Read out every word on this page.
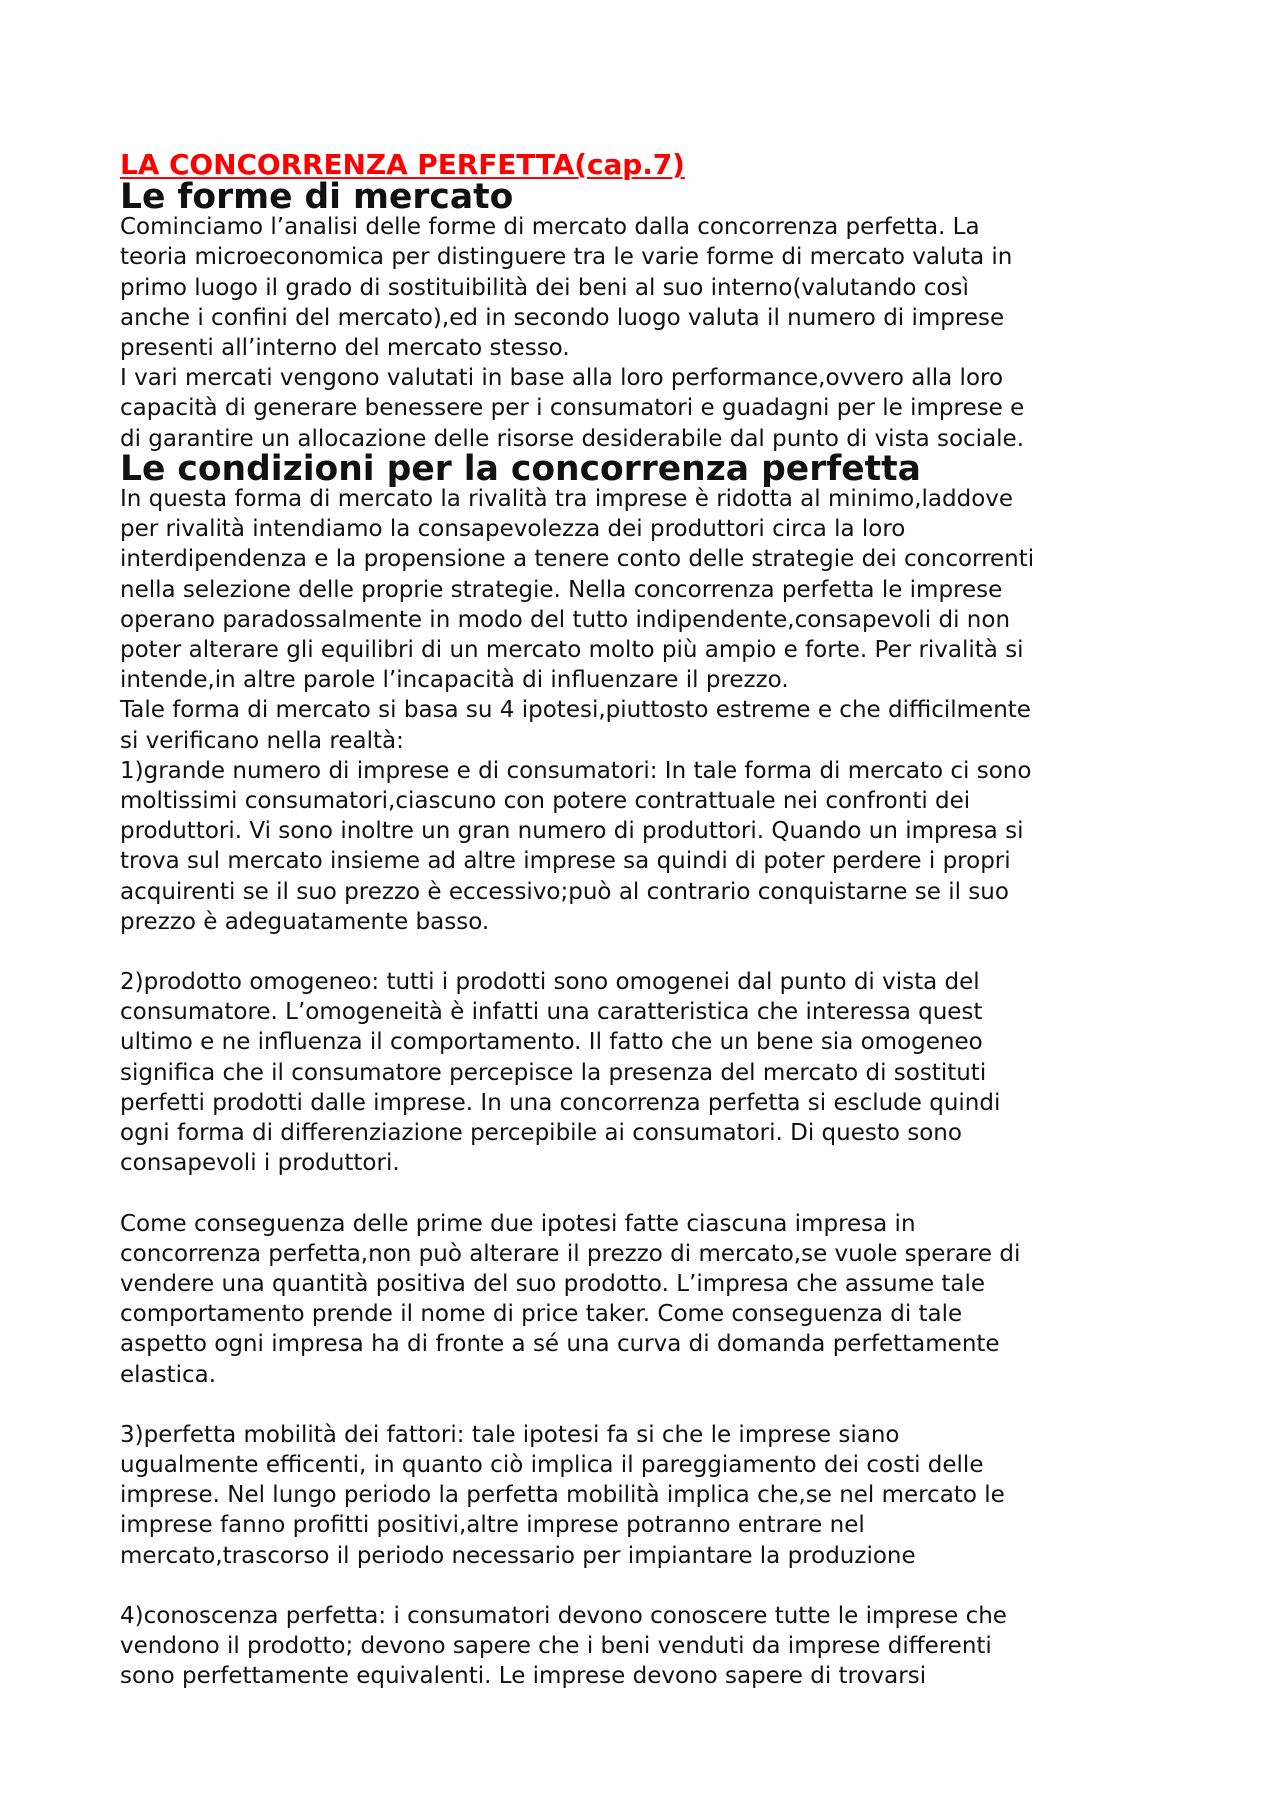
LA CONCORRENZA PERFETTA(cap.7)
Le forme di mercato

Cominciamo l’analisi delle forme di mercato dalla concorrenza perfetta. La
teoria microeconomica per distinguere tra le varie forme di mercato valuta in
primo luogo il grado di sostituibilità dei beni al suo interno(valutando così
anche i confini del mercato),ed in secondo luogo valuta il numero di imprese
presenti all’interno del mercato stesso.

I vari mercati vengono valutati in base alla loro performance,ovvero alla loro
capacità di generare benessere per i consumatori e guadagni per le imprese e
di garantire un allocazione delle risorse desiderabile dal punto di vista sociale.

Le condizioni per la concorrenza perfetta

In questa forma di mercato la rivalità tra imprese è ridotta al minimo,laddove
per rivalità intendiamo la consapevolezza dei produttori circa la loro
interdipendenza e la propensione a tenere conto delle strategie dei concorrenti
nella selezione delle proprie strategie. Nella concorrenza perfetta le imprese
operano paradossalmente in modo del tutto indipendente,consapevoli di non
poter alterare gli equilibri di un mercato molto più ampio e forte. Per rivalità si
intende,in altre parole l’incapacità di influenzare il prezzo.

Tale forma di mercato si basa su 4 ipotesi,piuttosto estreme e che difficilmente
si verificano nella realtà:

1)grande numero di imprese e di consumatori: In tale forma di mercato ci sono
moltissimi consumatori,ciascuno con potere contrattuale nei confronti dei
produttori. Vi sono inoltre un gran numero di produttori. Quando un impresa si
trova sul mercato insieme ad altre imprese sa quindi di poter perdere i propri
acquirenti se il suo prezzo è eccessivo;può al contrario conquistarne se il suo
prezzo è adeguatamente basso.

2)prodotto omogeneo: tutti i prodotti sono omogenei dal punto di vista del
consumatore. L’omogeneità è infatti una caratteristica che interessa quest
ultimo e ne influenza il comportamento. Il fatto che un bene sia omogeneo
significa che il consumatore percepisce la presenza del mercato di sostituti
perfetti prodotti dalle imprese. In una concorrenza perfetta si esclude quindi
ogni forma di differenziazione percepibile ai consumatori. Di questo sono
consapevoli i produttori.

Come conseguenza delle prime due ipotesi fatte ciascuna impresa in
concorrenza perfetta,non può alterare il prezzo di mercato,se vuole sperare di
vendere una quantità positiva del suo prodotto. L’impresa che assume tale
comportamento prende il nome di price taker. Come conseguenza di tale
aspetto ogni impresa ha di fronte a sé una curva di domanda perfettamente
elastica.

3)perfetta mobilità dei fattori: tale ipotesi fa si che le imprese siano
ugualmente efficenti, in quanto ciò implica il pareggiamento dei costi delle
imprese. Nel lungo periodo la perfetta mobilità implica che,se nel mercato le
imprese fanno profitti positivi,altre imprese potranno entrare nel
mercato,trascorso il periodo necessario per impiantare la produzione

4)conoscenza perfetta: i consumatori devono conoscere tutte le imprese che
vendono il prodotto; devono sapere che i beni venduti da imprese differenti
sono perfettamente equivalenti. Le imprese devono sapere di trovarsi
